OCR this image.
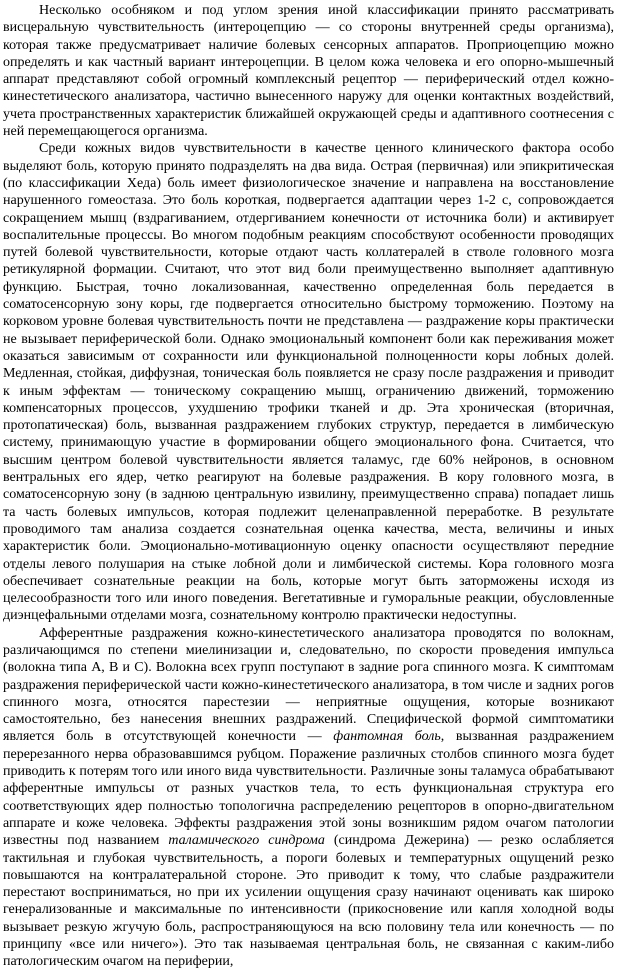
Несколько особняком и под углом зрения иной классификации принято рассматривать висцеральную чувствительность (интероцепцию — со стороны внутренней среды организма), которая также предусматривает наличие болевых сенсорных аппаратов. Проприоцепцию можно определять и как частный вариант интероцепции. В целом кожа человека и его опорно-мышечный аппарат представляют собой огромный комплексный рецептор — периферический отдел кожно-кинестетического анализатора, частично вынесенного наружу для оценки контактных воздействий, учета пространственных характеристик ближайшей окружающей среды и адаптивного соотнесения с ней перемещающегося организма.

Среди кожных видов чувствительности в качестве ценного клинического фактора особо выделяют боль, которую принято подразделять на два вида. Острая (первичная) или эпикритическая (по классификации Хеда) боль имеет физиологическое значение и направлена на восстановление нарушенного гомеостаза. Это боль короткая, подвергается адаптации через 1-2 с, сопровождается сокращением мышц (вздрагиванием, отдергиванием конечности от источника боли) и активирует воспалительные процессы. Во многом подобным реакциям способствуют особенности проводящих путей болевой чувствительности, которые отдают часть коллатералей в стволе головного мозга ретикулярной формации. Считают, что этот вид боли преимущественно выполняет адаптивную функцию. Быстрая, точно локализованная, качественно определенная боль передается в соматосенсорную зону коры, где подвергается относительно быстрому торможению. Поэтому на корковом уровне болевая чувствительность почти не представлена — раздражение коры практически не вызывает периферической боли. Однако эмоциональный компонент боли как переживания может оказаться зависимым от сохранности или функциональной полноценности коры лобных долей. Медленная, стойкая, диффузная, тоническая боль появляется не сразу после раздражения и приводит к иным эффектам — тоническому сокращению мышц, ограничению движений, торможению компенсаторных процессов, ухудшению трофики тканей и др. Эта хроническая (вторичная, протопатическая) боль, вызванная раздражением глубоких структур, передается в лимбическую систему, принимающую участие в формировании общего эмоционального фона. Считается, что высшим центром болевой чувствительности является таламус, где 60% нейронов, в основном вентральных его ядер, четко реагируют на болевые раздражения. В кору головного мозга, в соматосенсорную зону (в заднюю центральную извилину, преимущественно справа) попадает лишь та часть болевых импульсов, которая подлежит целенаправленной переработке. В результате проводимого там анализа создается сознательная оценка качества, места, величины и иных характеристик боли. Эмоционально-мотивационную оценку опасности осуществляют передние отделы левого полушария на стыке лобной доли и лимбической системы. Кора головного мозга обеспечивает сознательные реакции на боль, которые могут быть заторможены исходя из целесообразности того или иного поведения. Вегетативные и гуморальные реакции, обусловленные диэнцефальными отделами мозга, сознательному контролю практически недоступны.

Афферентные раздражения кожно-кинестетического анализатора проводятся по волокнам, различающимся по степени миелинизации и, следовательно, по скорости проведения импульса (волокна типа А, В и С). Волокна всех групп поступают в задние рога спинного мозга. К симптомам раздражения периферической части кожно-кинестетического анализатора, в том числе и задних рогов спинного мозга, относятся парестезии — неприятные ощущения, которые возникают самостоятельно, без нанесения внешних раздражений. Специфической формой симптоматики является боль в отсутствующей конечности — фантомная боль, вызванная раздражением перерезанного нерва образовавшимся рубцом. Поражение различных столбов спинного мозга будет приводить к потерям того или иного вида чувствительности. Различные зоны таламуса обрабатывают афферентные импульсы от разных участков тела, то есть функциональная структура его соответствующих ядер полностью топологична распределению рецепторов в опорно-двигательном аппарате и коже человека. Эффекты раздражения этой зоны возникшим рядом очагом патологии известны под названием таламического синдрома (синдрома Дежерина) — резко ослабляется тактильная и глубокая чувствительность, а пороги болевых и температурных ощущений резко повышаются на контралатеральной стороне. Это приводит к тому, что слабые раздражители перестают восприниматься, но при их усилении ощущения сразу начинают оценивать как широко генерализованные и максимальные по интенсивности (прикосновение или капля холодной воды вызывает резкую жгучую боль, распространяющуюся на всю половину тела или конечность — по принципу «все или ничего»). Это так называемая центральная боль, не связанная с каким-либо патологическим очагом на периферии,
